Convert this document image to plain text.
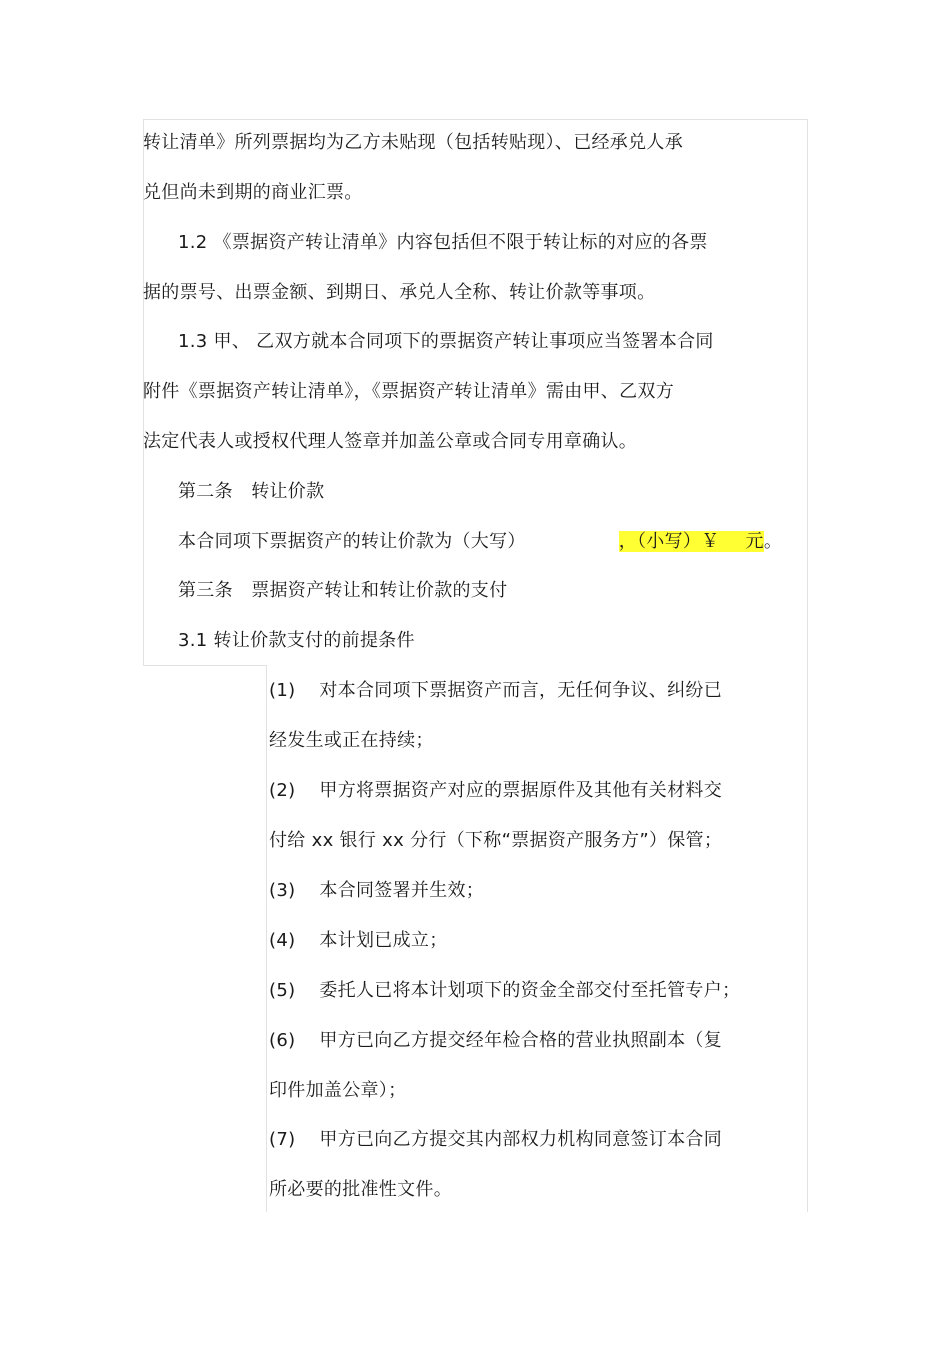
转让清单》所列票据均为乙方未贴现（包括转贴现）、已经承兑人承
兑但尚未到期的商业汇票。
1.2 《票据资产转让清单》内容包括但不限于转让标的对应的各票
据的票号、出票金额、到期日、承兑人全称、转让价款等事项。
1.3 甲、 乙双方就本合同项下的票据资产转让事项应当签署本合同
附件《票据资产转让清单》，《票据资产转让清单》需由甲、乙双方
法定代表人或授权代理人签章并加盖公章或合同专用章确认。
第二条　转让价款
本合同项下票据资产的转让价款为（大写）	，（小写）￥ 元。
第三条　票据资产转让和转让价款的支付
3.1 转让价款支付的前提条件
(1) 对本合同项下票据资产而言，无任何争议、纠纷已
经发生或正在持续；
(2) 甲方将票据资产对应的票据原件及其他有关材料交
付给 xx 银行 xx 分行（下称“票据资产服务方”）保管；
(3) 本合同签署并生效；
(4) 本计划已成立；
(5) 委托人已将本计划项下的资金全部交付至托管专户；
(6) 甲方已向乙方提交经年检合格的营业执照副本（复
印件加盖公章）；
(7) 甲方已向乙方提交其内部权力机构同意签订本合同
所必要的批准性文件。
